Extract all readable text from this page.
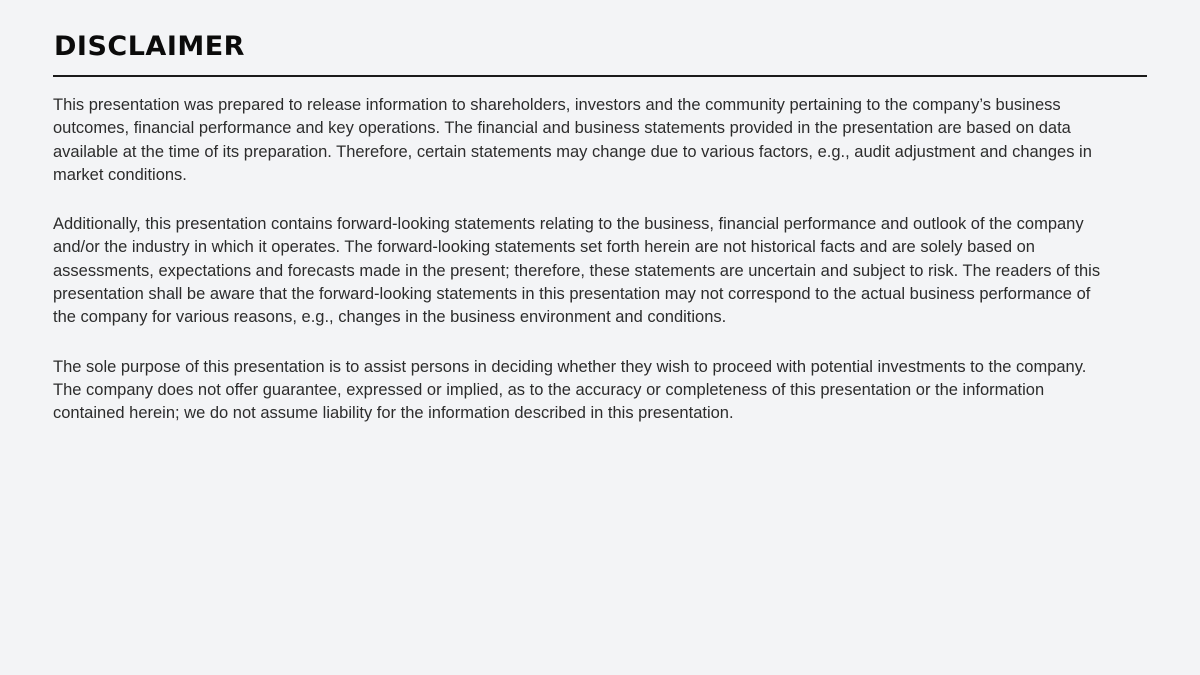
DISCLAIMER

This presentation was prepared to release information to shareholders, investors and the community pertaining to the company’s business outcomes, financial performance and key operations. The financial and business statements provided in the presentation are based on data available at the time of its preparation. Therefore, certain statements may change due to various factors, e.g., audit adjustment and changes in market conditions.

Additionally, this presentation contains forward-looking statements relating to the business, financial performance and outlook of the company and/or the industry in which it operates. The forward-looking statements set forth herein are not historical facts and are solely based on assessments, expectations and forecasts made in the present; therefore, these statements are uncertain and subject to risk. The readers of this presentation shall be aware that the forward-looking statements in this presentation may not correspond to the actual business performance of the company for various reasons, e.g., changes in the business environment and conditions.

The sole purpose of this presentation is to assist persons in deciding whether they wish to proceed with potential investments to the company. The company does not offer guarantee, expressed or implied, as to the accuracy or completeness of this presentation or the information contained herein; we do not assume liability for the information described in this presentation.
